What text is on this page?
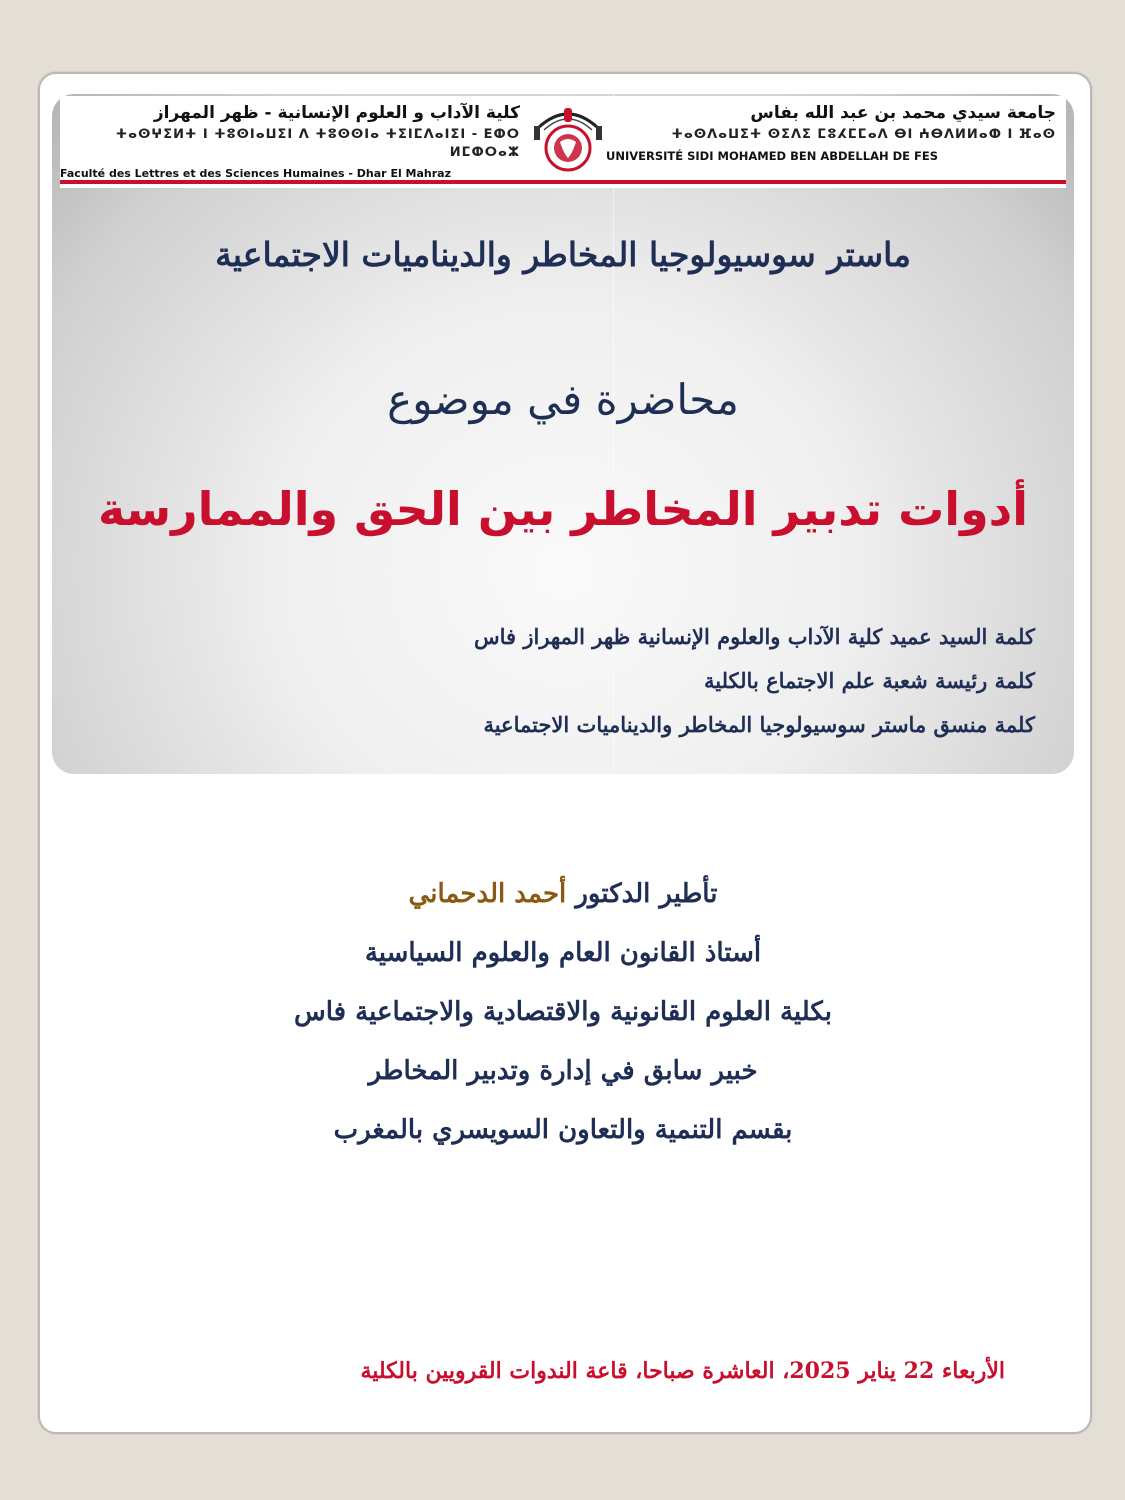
كلية الآداب و العلوم الإنسانية - ظهر المهراز
ⵜⴰⵙⵖⵉⵍⵜ ⵏ ⵜⵓⵙⵏⴰⵡⵉⵏ ⴷ ⵜⵓⵙⵙⵏⴰ ⵜⵉⵏⵎⴷⴰⵏⵉⵏ - ⴹⵀⵔ ⵍⵎⵀⵔⴰⵣ
Faculté des Lettres et des Sciences Humaines - Dhar El Mahraz
جامعة سيدي محمد بن عبد الله بفاس
ⵜⴰⵙⴷⴰⵡⵉⵜ ⵙⵉⴷⵉ ⵎⵓⵃⵎⵎⴰⴷ ⴱⵏ ⵄⴱⴷⵍⵍⴰⵀ ⵏ ⴼⴰⵙ
UNIVERSITÉ SIDI MOHAMED BEN ABDELLAH DE FES
ماستر سوسيولوجيا المخاطر والديناميات الاجتماعية
محاضرة في موضوع
أدوات تدبير المخاطر بين الحق والممارسة
كلمة السيد عميد كلية الآداب والعلوم الإنسانية ظهر المهراز فاس
كلمة رئيسة شعبة علم الاجتماع بالكلية
كلمة منسق ماستر سوسيولوجيا المخاطر والديناميات الاجتماعية
تأطير الدكتور أحمد الدحماني
أستاذ القانون العام والعلوم السياسية
بكلية العلوم القانونية والاقتصادية والاجتماعية فاس
خبير سابق في إدارة وتدبير المخاطر
بقسم التنمية والتعاون السويسري بالمغرب
الأربعاء 22 يناير 2025، العاشرة صباحا، قاعة الندوات القرويين بالكلية
